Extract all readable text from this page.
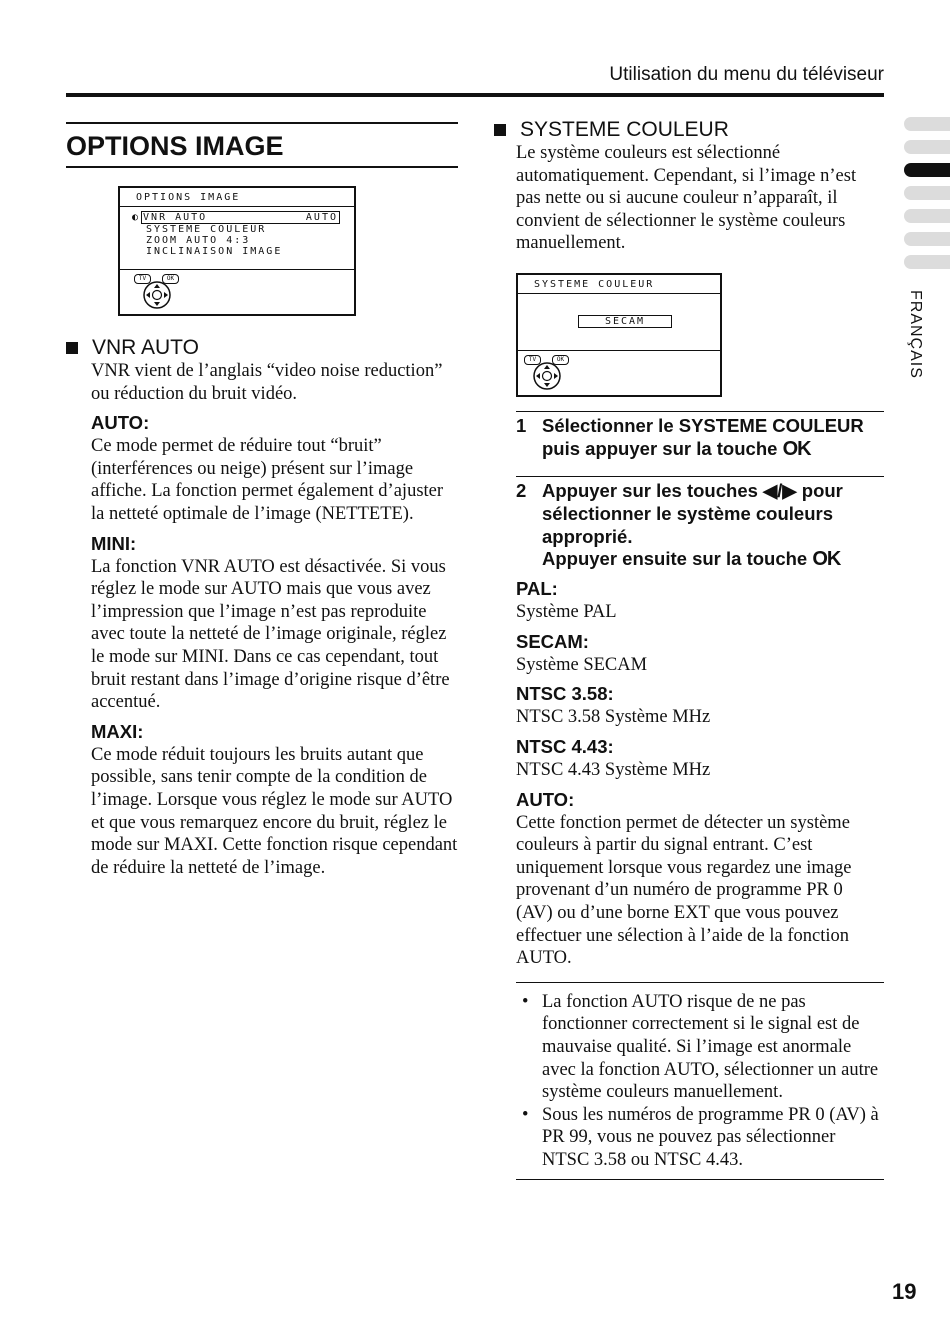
Utilisation du menu du téléviseur
FRANÇAIS
OPTIONS IMAGE
OPTIONS IMAGE
◐ VNR AUTO	AUTO
SYSTEME COULEUR
ZOOM AUTO 4:3
INCLINAISON IMAGE
TV	OK
VNR AUTO

VNR vient de l’anglais “video noise reduction” ou réduction du bruit vidéo.

AUTO:

Ce mode permet de réduire tout “bruit” (interférences ou neige) présent sur l’image affiche. La fonction permet également d’ajuster la netteté optimale de l’image (NETTETE).

MINI:

La fonction VNR AUTO est désactivée. Si vous réglez le mode sur AUTO mais que vous avez l’impression que l’image n’est pas reproduite avec toute la netteté de l’image originale, réglez le mode sur MINI. Dans ce cas cependant, tout bruit restant dans l’image d’origine risque d’être accentué.

MAXI:

Ce mode réduit toujours les bruits autant que possible, sans tenir compte de la condition de l’image. Lorsque vous réglez le mode sur AUTO et que vous remarquez encore du bruit, réglez le mode sur MAXI. Cette fonction risque cependant de réduire la netteté de l’image.

SYSTEME COULEUR

Le système couleurs est sélectionné automatiquement. Cependant, si l’image n’est pas nette ou si aucune couleur n’apparaît, il convient de sélectionner le système couleurs manuellement.

SYSTEME COULEUR
SECAM
TV	OK
1 Sélectionner le SYSTEME COULEUR puis appuyer sur la touche OK
2 Appuyer sur les touches ◀/▶ pour sélectionner le système couleurs approprié.
Appuyer ensuite sur la touche OK
PAL:

Système PAL

SECAM:

Système SECAM

NTSC 3.58:

NTSC 3.58 Système MHz

NTSC 4.43:

NTSC 4.43 Système MHz

AUTO:

Cette fonction permet de détecter un système couleurs à partir du signal entrant. C’est uniquement lorsque vous regardez une image provenant d’un numéro de programme PR 0 (AV) ou d’une borne EXT que vous pouvez effectuer une sélection à l’aide de la fonction AUTO.

• La fonction AUTO risque de ne pas fonctionner correctement si le signal est de mauvaise qualité. Si l’image est anormale avec la fonction AUTO, sélectionner un autre système couleurs manuellement.
• Sous les numéros de programme PR 0 (AV) à PR 99, vous ne pouvez pas sélectionner NTSC 3.58 ou NTSC 4.43.
19
